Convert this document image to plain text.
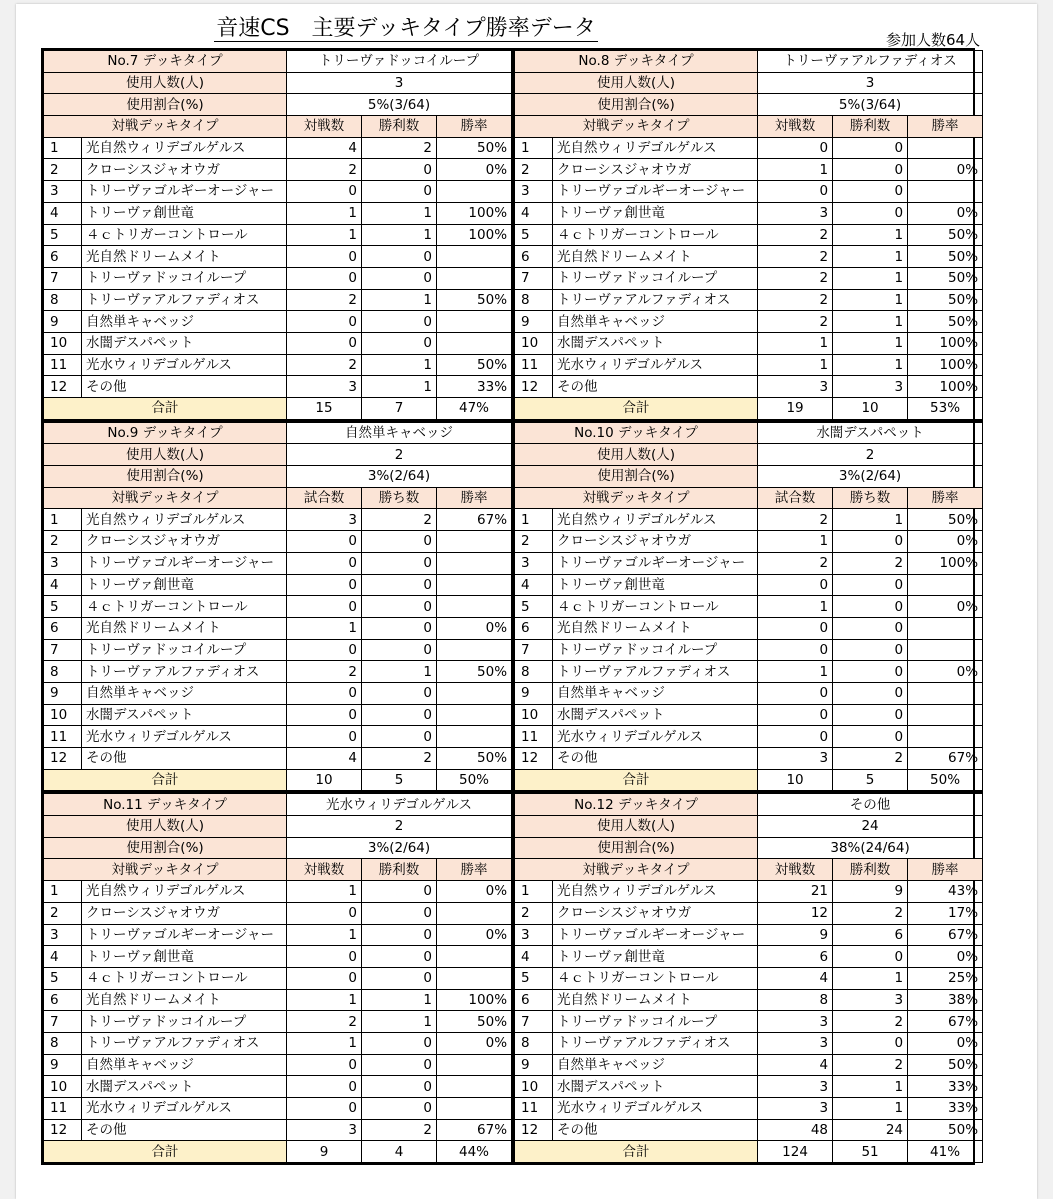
音速CS　主要デッキタイプ勝率データ	参加人数64人
No.7 デッキタイプ		トリーヴァドッコイループ		
使用人数(人)		3		
使用割合(%)		5%(3/64)		
対戦デッキタイプ		対戦数	勝利数	勝率
1	光自然ウィリデゴルゲルス	4	2	50%
2	クローシスジャオウガ	2	0	0%
3	トリーヴァゴルギーオージャー	0	0	
4	トリーヴァ創世竜	1	1	100%
5	４ｃトリガーコントロール	1	1	100%
6	光自然ドリームメイト	0	0	
7	トリーヴァドッコイループ	0	0	
8	トリーヴァアルファディオス	2	1	50%
9	自然単キャベッジ	0	0	
10	水闇デスパペット	0	0	
11	光水ウィリデゴルゲルス	2	1	50%
12	その他	3	1	33%
合計		15	7	47%
No.8 デッキタイプ		トリーヴァアルファディオス		
使用人数(人)		3		
使用割合(%)		5%(3/64)		
対戦デッキタイプ		対戦数	勝利数	勝率
1	光自然ウィリデゴルゲルス	0	0	
2	クローシスジャオウガ	1	0	0%
3	トリーヴァゴルギーオージャー	0	0	
4	トリーヴァ創世竜	3	0	0%
5	４ｃトリガーコントロール	2	1	50%
6	光自然ドリームメイト	2	1	50%
7	トリーヴァドッコイループ	2	1	50%
8	トリーヴァアルファディオス	2	1	50%
9	自然単キャベッジ	2	1	50%
10	水闇デスパペット	1	1	100%
11	光水ウィリデゴルゲルス	1	1	100%
12	その他	3	3	100%
合計		19	10	53%
No.9 デッキタイプ		自然単キャベッジ		
使用人数(人)		2		
使用割合(%)		3%(2/64)		
対戦デッキタイプ		試合数	勝ち数	勝率
1	光自然ウィリデゴルゲルス	3	2	67%
2	クローシスジャオウガ	0	0	
3	トリーヴァゴルギーオージャー	0	0	
4	トリーヴァ創世竜	0	0	
5	４ｃトリガーコントロール	0	0	
6	光自然ドリームメイト	1	0	0%
7	トリーヴァドッコイループ	0	0	
8	トリーヴァアルファディオス	2	1	50%
9	自然単キャベッジ	0	0	
10	水闇デスパペット	0	0	
11	光水ウィリデゴルゲルス	0	0	
12	その他	4	2	50%
合計		10	5	50%
No.10 デッキタイプ		水闇デスパペット		
使用人数(人)		2		
使用割合(%)		3%(2/64)		
対戦デッキタイプ		試合数	勝ち数	勝率
1	光自然ウィリデゴルゲルス	2	1	50%
2	クローシスジャオウガ	1	0	0%
3	トリーヴァゴルギーオージャー	2	2	100%
4	トリーヴァ創世竜	0	0	
5	４ｃトリガーコントロール	1	0	0%
6	光自然ドリームメイト	0	0	
7	トリーヴァドッコイループ	0	0	
8	トリーヴァアルファディオス	1	0	0%
9	自然単キャベッジ	0	0	
10	水闇デスパペット	0	0	
11	光水ウィリデゴルゲルス	0	0	
12	その他	3	2	67%
合計		10	5	50%
No.11 デッキタイプ		光水ウィリデゴルゲルス		
使用人数(人)		2		
使用割合(%)		3%(2/64)		
対戦デッキタイプ		対戦数	勝利数	勝率
1	光自然ウィリデゴルゲルス	1	0	0%
2	クローシスジャオウガ	0	0	
3	トリーヴァゴルギーオージャー	1	0	0%
4	トリーヴァ創世竜	0	0	
5	４ｃトリガーコントロール	0	0	
6	光自然ドリームメイト	1	1	100%
7	トリーヴァドッコイループ	2	1	50%
8	トリーヴァアルファディオス	1	0	0%
9	自然単キャベッジ	0	0	
10	水闇デスパペット	0	0	
11	光水ウィリデゴルゲルス	0	0	
12	その他	3	2	67%
合計		9	4	44%
No.12 デッキタイプ		その他		
使用人数(人)		24		
使用割合(%)		38%(24/64)		
対戦デッキタイプ		対戦数	勝利数	勝率
1	光自然ウィリデゴルゲルス	21	9	43%
2	クローシスジャオウガ	12	2	17%
3	トリーヴァゴルギーオージャー	9	6	67%
4	トリーヴァ創世竜	6	0	0%
5	４ｃトリガーコントロール	4	1	25%
6	光自然ドリームメイト	8	3	38%
7	トリーヴァドッコイループ	3	2	67%
8	トリーヴァアルファディオス	3	0	0%
9	自然単キャベッジ	4	2	50%
10	水闇デスパペット	3	1	33%
11	光水ウィリデゴルゲルス	3	1	33%
12	その他	48	24	50%
合計		124	51	41%
